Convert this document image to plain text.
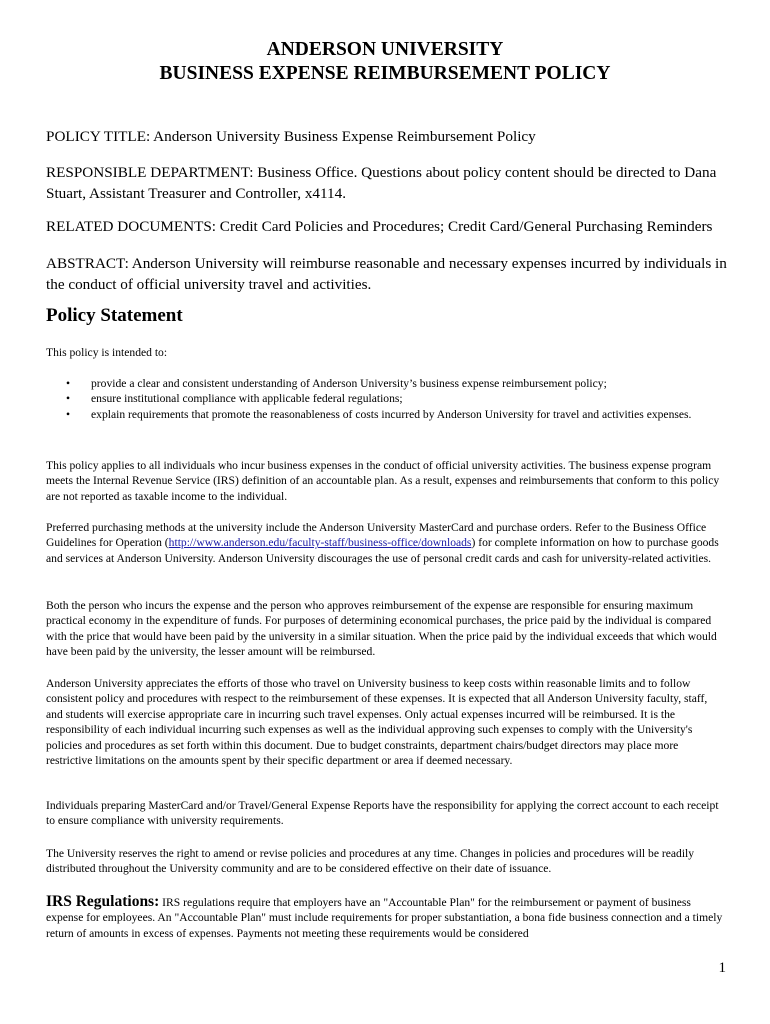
ANDERSON UNIVERSITY
BUSINESS EXPENSE REIMBURSEMENT POLICY
POLICY TITLE: Anderson University Business Expense Reimbursement Policy
RESPONSIBLE DEPARTMENT: Business Office. Questions about policy content should be directed to Dana Stuart, Assistant Treasurer and Controller, x4114.
RELATED DOCUMENTS: Credit Card Policies and Procedures; Credit Card/General Purchasing Reminders
ABSTRACT: Anderson University will reimburse reasonable and necessary expenses incurred by individuals in the conduct of official university travel and activities.
Policy Statement
This policy is intended to:
• provide a clear and consistent understanding of Anderson University’s business expense reimbursement policy;
• ensure institutional compliance with applicable federal regulations;
• explain requirements that promote the reasonableness of costs incurred by Anderson University for travel and activities expenses.
This policy applies to all individuals who incur business expenses in the conduct of official university activities. The business expense program meets the Internal Revenue Service (IRS) definition of an accountable plan. As a result, expenses and reimbursements that conform to this policy are not reported as taxable income to the individual.
Preferred purchasing methods at the university include the Anderson University MasterCard and purchase orders. Refer to the Business Office Guidelines for Operation (http://www.anderson.edu/faculty-staff/business-office/downloads) for complete information on how to purchase goods and services at Anderson University. Anderson University discourages the use of personal credit cards and cash for university-related activities.
Both the person who incurs the expense and the person who approves reimbursement of the expense are responsible for ensuring maximum practical economy in the expenditure of funds. For purposes of determining economical purchases, the price paid by the individual is compared with the price that would have been paid by the university in a similar situation. When the price paid by the individual exceeds that which would have been paid by the university, the lesser amount will be reimbursed.
Anderson University appreciates the efforts of those who travel on University business to keep costs within reasonable limits and to follow consistent policy and procedures with respect to the reimbursement of these expenses. It is expected that all Anderson University faculty, staff, and students will exercise appropriate care in incurring such travel expenses. Only actual expenses incurred will be reimbursed. It is the responsibility of each individual incurring such expenses as well as the individual approving such expenses to comply with the University's policies and procedures as set forth within this document. Due to budget constraints, department chairs/budget directors may place more restrictive limitations on the amounts spent by their specific department or area if deemed necessary.
Individuals preparing MasterCard and/or Travel/General Expense Reports have the responsibility for applying the correct account to each receipt to ensure compliance with university requirements.
The University reserves the right to amend or revise policies and procedures at any time. Changes in policies and procedures will be readily distributed throughout the University community and are to be considered effective on their date of issuance.
IRS Regulations: IRS regulations require that employers have an "Accountable Plan" for the reimbursement or payment of business expense for employees. An "Accountable Plan" must include requirements for proper substantiation, a bona fide business connection and a timely return of amounts in excess of expenses. Payments not meeting these requirements would be considered
1
